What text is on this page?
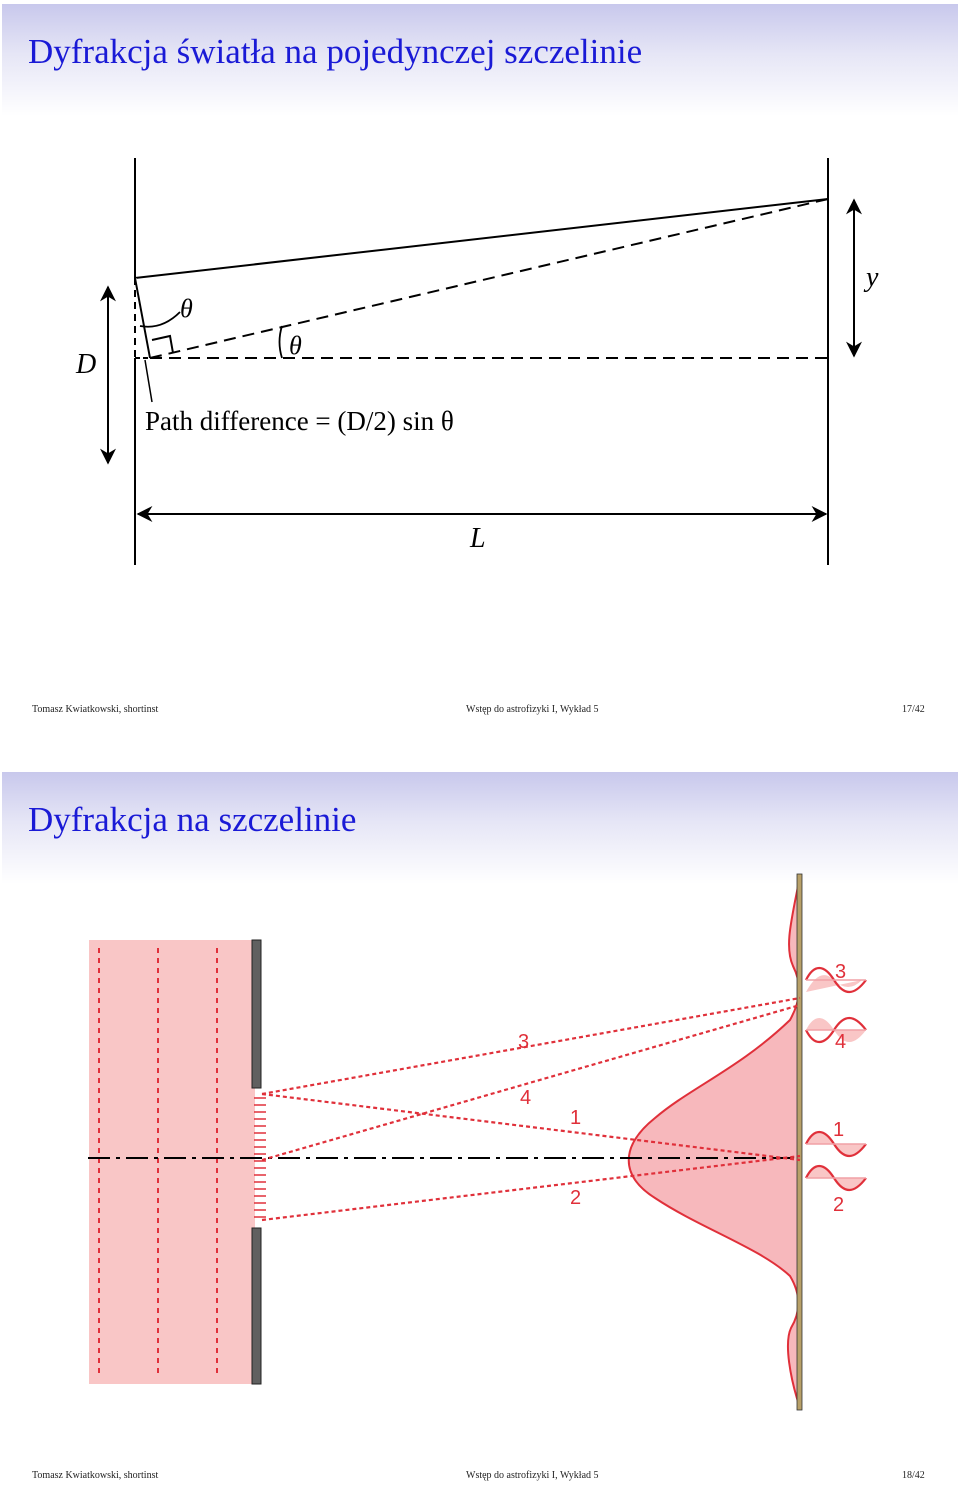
Dyfrakcja światła na pojedynczej szczelinie
θ
θ
y
D
L
Path difference = (D/2) sin θ
Tomasz Kwiatkowski, shortinst	Wstęp do astrofizyki I, Wykład 5	17/42
Dyfrakcja na szczelinie
3
4
1
2
3
4
1
2
Tomasz Kwiatkowski, shortinst	Wstęp do astrofizyki I, Wykład 5	18/42
